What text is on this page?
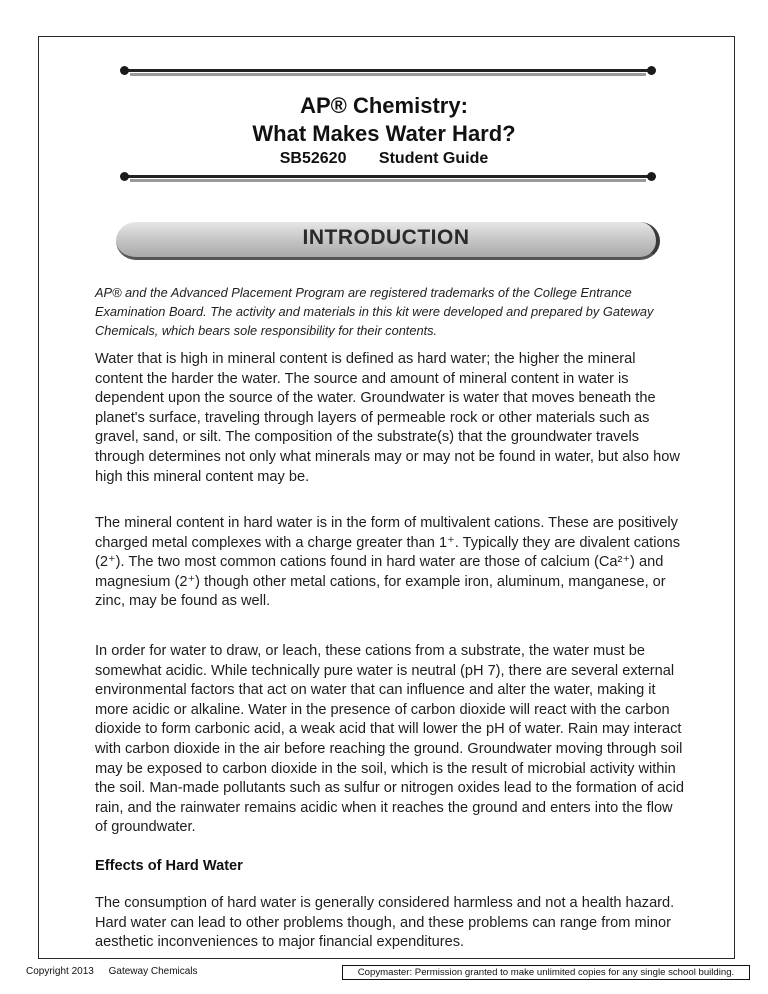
AP® Chemistry:
What Makes Water Hard?
SB52620 Student Guide
INTRODUCTION
AP® and the Advanced Placement Program are registered trademarks of the College Entrance Examination Board. The activity and materials in this kit were developed and prepared by Gateway Chemicals, which bears sole responsibility for their contents.
Water that is high in mineral content is defined as hard water; the higher the mineral content the harder the water. The source and amount of mineral content in water is dependent upon the source of the water. Groundwater is water that moves beneath the planet's surface, traveling through layers of permeable rock or other materials such as gravel, sand, or silt. The composition of the substrate(s) that the groundwater travels through determines not only what minerals may or may not be found in water, but also how high this mineral content may be.
The mineral content in hard water is in the form of multivalent cations. These are positively charged metal complexes with a charge greater than 1⁺. Typically they are divalent cations (2⁺). The two most common cations found in hard water are those of calcium (Ca²⁺) and magnesium (2⁺) though other metal cations, for example iron, aluminum, manganese, or zinc, may be found as well.
In order for water to draw, or leach, these cations from a substrate, the water must be somewhat acidic. While technically pure water is neutral (pH 7), there are several external environmental factors that act on water that can influence and alter the water, making it more acidic or alkaline. Water in the presence of carbon dioxide will react with the carbon dioxide to form carbonic acid, a weak acid that will lower the pH of water. Rain may interact with carbon dioxide in the air before reaching the ground. Groundwater moving through soil may be exposed to carbon dioxide in the soil, which is the result of microbial activity within the soil. Man-made pollutants such as sulfur or nitrogen oxides lead to the formation of acid rain, and the rainwater remains acidic when it reaches the ground and enters into the flow of groundwater.
Effects of Hard Water
The consumption of hard water is generally considered harmless and not a health hazard. Hard water can lead to other problems though, and these problems can range from minor aesthetic inconveniences to major financial expenditures.
Copyright 2013 Gateway Chemicals	Copymaster: Permission granted to make unlimited copies for any single school building.
